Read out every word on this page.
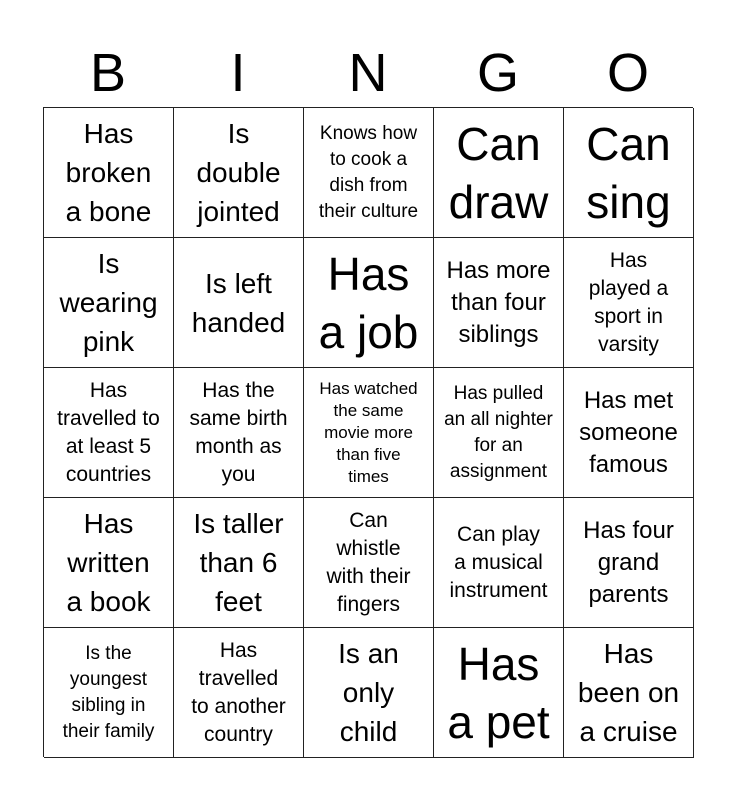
B	I	N	G	O
Has
broken
a bone
Is
double
jointed
Knows how
to cook a
dish from
their culture
Can
draw
Can
sing
Is
wearing
pink
Is left
handed
Has
a job
Has more
than four
siblings
Has
played a
sport in
varsity
Has
travelled to
at least 5
countries
Has the
same birth
month as
you
Has watched
the same
movie more
than five
times
Has pulled
an all nighter
for an
assignment
Has met
someone
famous
Has
written
a book
Is taller
than 6
feet
Can
whistle
with their
fingers
Can play
a musical
instrument
Has four
grand
parents
Is the
youngest
sibling in
their family
Has
travelled
to another
country
Is an
only
child
Has
a pet
Has
been on
a cruise
